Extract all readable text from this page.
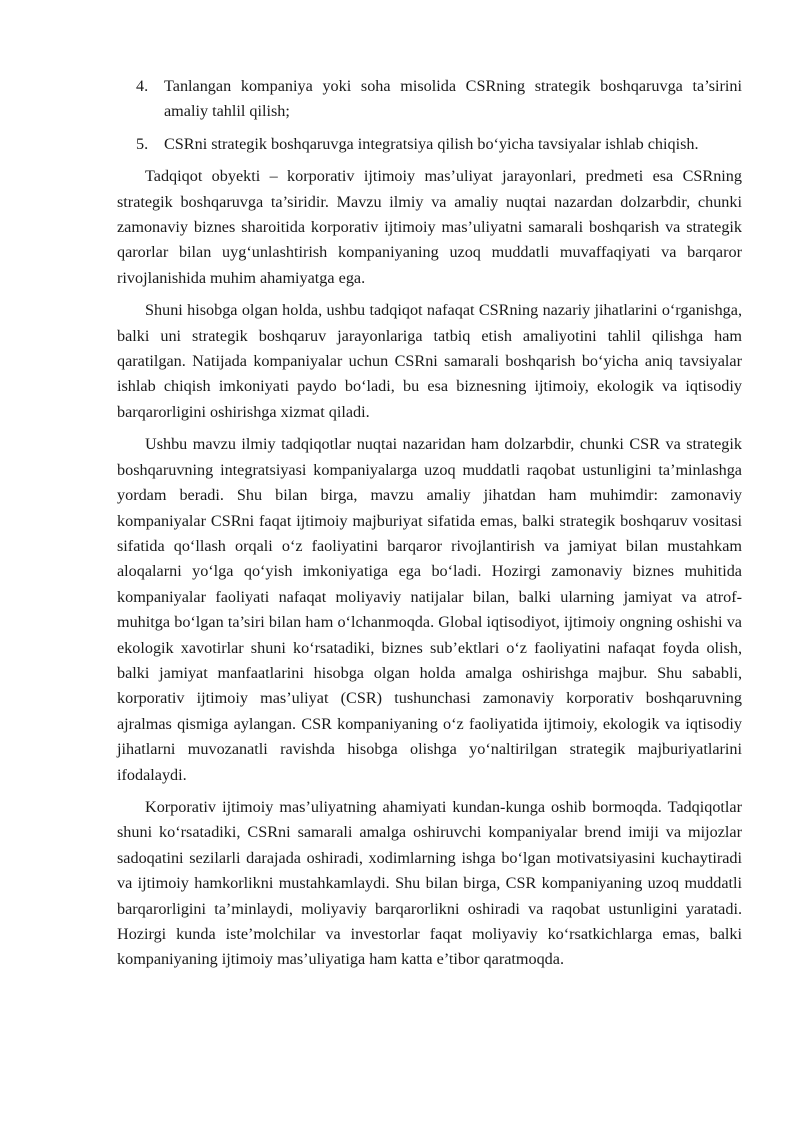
4. Tanlangan kompaniya yoki soha misolida CSRning strategik boshqaruvga ta’sirini amaliy tahlil qilish;
5. CSRni strategik boshqaruvga integratsiya qilish bo‘yicha tavsiyalar ishlab chiqish.

Tadqiqot obyekti – korporativ ijtimoiy mas’uliyat jarayonlari, predmeti esa CSRning strategik boshqaruvga ta’siridir. Mavzu ilmiy va amaliy nuqtai nazardan dolzarbdir, chunki zamonaviy biznes sharoitida korporativ ijtimoiy mas’uliyatni samarali boshqarish va strategik qarorlar bilan uyg‘unlashtirish kompaniyaning uzoq muddatli muvaffaqiyati va barqaror rivojlanishida muhim ahamiyatga ega.

Shuni hisobga olgan holda, ushbu tadqiqot nafaqat CSRning nazariy jihatlarini o‘rganishga, balki uni strategik boshqaruv jarayonlariga tatbiq etish amaliyotini tahlil qilishga ham qaratilgan. Natijada kompaniyalar uchun CSRni samarali boshqarish bo‘yicha aniq tavsiyalar ishlab chiqish imkoniyati paydo bo‘ladi, bu esa biznesning ijtimoiy, ekologik va iqtisodiy barqarorligini oshirishga xizmat qiladi.

Ushbu mavzu ilmiy tadqiqotlar nuqtai nazaridan ham dolzarbdir, chunki CSR va strategik boshqaruvning integratsiyasi kompaniyalarga uzoq muddatli raqobat ustunligini ta’minlashga yordam beradi. Shu bilan birga, mavzu amaliy jihatdan ham muhimdir: zamonaviy kompaniyalar CSRni faqat ijtimoiy majburiyat sifatida emas, balki strategik boshqaruv vositasi sifatida qo‘llash orqali o‘z faoliyatini barqaror rivojlantirish va jamiyat bilan mustahkam aloqalarni yo‘lga qo‘yish imkoniyatiga ega bo‘ladi. Hozirgi zamonaviy biznes muhitida kompaniyalar faoliyati nafaqat moliyaviy natijalar bilan, balki ularning jamiyat va atrof-muhitga bo‘lgan ta’siri bilan ham o‘lchanmoqda. Global iqtisodiyot, ijtimoiy ongning oshishi va ekologik xavotirlar shuni ko‘rsatadiki, biznes sub’ektlari o‘z faoliyatini nafaqat foyda olish, balki jamiyat manfaatlarini hisobga olgan holda amalga oshirishga majbur. Shu sababli, korporativ ijtimoiy mas’uliyat (CSR) tushunchasi zamonaviy korporativ boshqaruvning ajralmas qismiga aylangan. CSR kompaniyaning o‘z faoliyatida ijtimoiy, ekologik va iqtisodiy jihatlarni muvozanatli ravishda hisobga olishga yo‘naltirilgan strategik majburiyatlarini ifodalaydi.

Korporativ ijtimoiy mas’uliyatning ahamiyati kundan-kunga oshib bormoqda. Tadqiqotlar shuni ko‘rsatadiki, CSRni samarali amalga oshiruvchi kompaniyalar brend imiji va mijozlar sadoqatini sezilarli darajada oshiradi, xodimlarning ishga bo‘lgan motivatsiyasini kuchaytiradi va ijtimoiy hamkorlikni mustahkamlaydi. Shu bilan birga, CSR kompaniyaning uzoq muddatli barqarorligini ta’minlaydi, moliyaviy barqarorlikni oshiradi va raqobat ustunligini yaratadi. Hozirgi kunda iste’molchilar va investorlar faqat moliyaviy ko‘rsatkichlarga emas, balki kompaniyaning ijtimoiy mas’uliyatiga ham katta e’tibor qaratmoqda.
